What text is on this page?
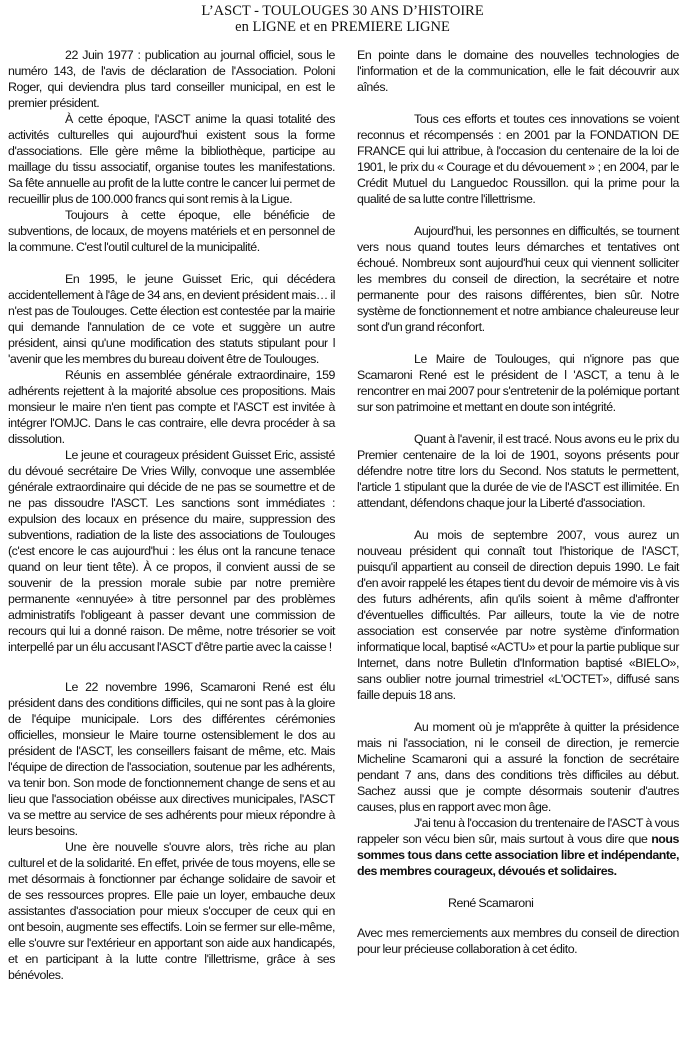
L’ASCT - TOULOUGES 30 ANS D’HISTOIRE
en LIGNE et en PREMIERE LIGNE

22 Juin 1977 : publication au journal officiel, sous le numéro 143, de l'avis de déclaration de l'Association. Poloni Roger, qui deviendra plus tard conseiller municipal, en est le premier président.

À cette époque, l'ASCT anime la quasi totalité des activités culturelles qui aujourd'hui existent sous la forme d'associations. Elle gère même la bibliothèque, participe au maillage du tissu associatif, organise toutes les manifestations. Sa fête annuelle au profit de la lutte contre le cancer lui permet de recueillir plus de 100.000 francs qui sont remis à la Ligue.

Toujours à cette époque, elle bénéficie de subventions, de locaux, de moyens matériels et en personnel de la commune. C'est l'outil culturel de la municipalité.

En 1995, le jeune Guisset Eric, qui décédera accidentellement à l'âge de 34 ans, en devient président mais… il n'est pas de Toulouges. Cette élection est contestée par la mairie qui demande l'annulation de ce vote et suggère un autre président, ainsi qu'une modification des statuts stipulant pour l 'avenir que les membres du bureau doivent être de Toulouges.

Réunis en assemblée générale extraordinaire, 159 adhérents rejettent à la majorité absolue ces propositions. Mais monsieur le maire n'en tient pas compte et l'ASCT est invitée à intégrer l'OMJC. Dans le cas contraire, elle devra procéder à sa dissolution.

Le jeune et courageux président Guisset Eric, assisté du dévoué secrétaire De Vries Willy, convoque une assemblée générale extraordinaire qui décide de ne pas se soumettre et de ne pas dissoudre l'ASCT. Les sanctions sont immédiates : expulsion des locaux en présence du maire, suppression des subventions, radiation de la liste des associations de Toulouges (c'est encore le cas aujourd'hui : les élus ont la rancune tenace quand on leur tient tête). À ce propos, il convient aussi de se souvenir de la pression morale subie par notre première permanente «ennuyée» à titre personnel par des problèmes administratifs l'obligeant à passer devant une commission de recours qui lui a donné raison. De même, notre trésorier se voit interpellé par un élu accusant l'ASCT d'être partie avec la caisse !

Le 22 novembre 1996, Scamaroni René est élu président dans des conditions difficiles, qui ne sont pas à la gloire de l'équipe municipale. Lors des différentes cérémonies officielles, monsieur le Maire tourne ostensiblement le dos au président de l'ASCT, les conseillers faisant de même, etc. Mais l'équipe de direction de l'association, soutenue par les adhérents, va tenir bon. Son mode de fonctionnement change de sens et au lieu que l'association obéisse aux directives municipales, l'ASCT va se mettre au service de ses adhérents pour mieux répondre à leurs besoins.

Une ère nouvelle s'ouvre alors, très riche au plan culturel et de la solidarité. En effet, privée de tous moyens, elle se met désormais à fonctionner par échange solidaire de savoir et de ses ressources propres. Elle paie un loyer, embauche deux assistantes d'association pour mieux s'occuper de ceux qui en ont besoin, augmente ses effectifs. Loin se fermer sur elle-même, elle s'ouvre sur l'extérieur en apportant son aide aux handicapés, et en participant à la lutte contre l'illettrisme, grâce à ses bénévoles.

En pointe dans le domaine des nouvelles technologies de l'information et de la communication, elle le fait découvrir aux aînés.

Tous ces efforts et toutes ces innovations se voient reconnus et récompensés : en 2001 par la FONDATION DE FRANCE qui lui attribue, à l'occasion du centenaire de la loi de 1901, le prix du « Courage et du dévouement » ; en 2004, par le Crédit Mutuel du Languedoc Roussillon. qui la prime pour la qualité de sa lutte contre l'illettrisme.

Aujourd'hui, les personnes en difficultés, se tournent vers nous quand toutes leurs démarches et tentatives ont échoué. Nombreux sont aujourd'hui ceux qui viennent solliciter les membres du conseil de direction, la secrétaire et notre permanente pour des raisons différentes, bien sûr. Notre système de fonctionnement et notre ambiance chaleureuse leur sont d'un grand réconfort.

Le Maire de Toulouges, qui n'ignore pas que Scamaroni René est le président de l 'ASCT, a tenu à le rencontrer en mai 2007 pour s'entretenir de la polémique portant sur son patrimoine et mettant en doute son intégrité.

Quant à l'avenir, il est tracé. Nous avons eu le prix du Premier centenaire de la loi de 1901, soyons présents pour défendre notre titre lors du Second. Nos statuts le permettent, l'article 1 stipulant que la durée de vie de l'ASCT est illimitée. En attendant, défendons chaque jour la Liberté d'association.

Au mois de septembre 2007, vous aurez un nouveau président qui connaît tout l'historique de l'ASCT, puisqu'il appartient au conseil de direction depuis 1990. Le fait d'en avoir rappelé les étapes tient du devoir de mémoire vis à vis des futurs adhérents, afin qu'ils soient à même d'affronter d'éventuelles difficultés. Par ailleurs, toute la vie de notre association est conservée par notre système d'information informatique local, baptisé «ACTU» et pour la partie publique sur Internet, dans notre Bulletin d'Information baptisé «BIELO», sans oublier notre journal trimestriel «L'OCTET», diffusé sans faille depuis 18 ans.

Au moment où je m'apprête à quitter la présidence mais ni l'association, ni le conseil de direction, je remercie Micheline Scamaroni qui a assuré la fonction de secrétaire pendant 7 ans, dans des conditions très difficiles au début. Sachez aussi que je compte désormais soutenir d'autres causes, plus en rapport avec mon âge.

J'ai tenu à l'occasion du trentenaire de l'ASCT à vous rappeler son vécu bien sûr, mais surtout à vous dire que nous sommes tous dans cette association libre et indépendante, des membres courageux, dévoués et solidaires.

René Scamaroni

Avec mes remerciements aux membres du conseil de direction pour leur précieuse collaboration à cet édito.
